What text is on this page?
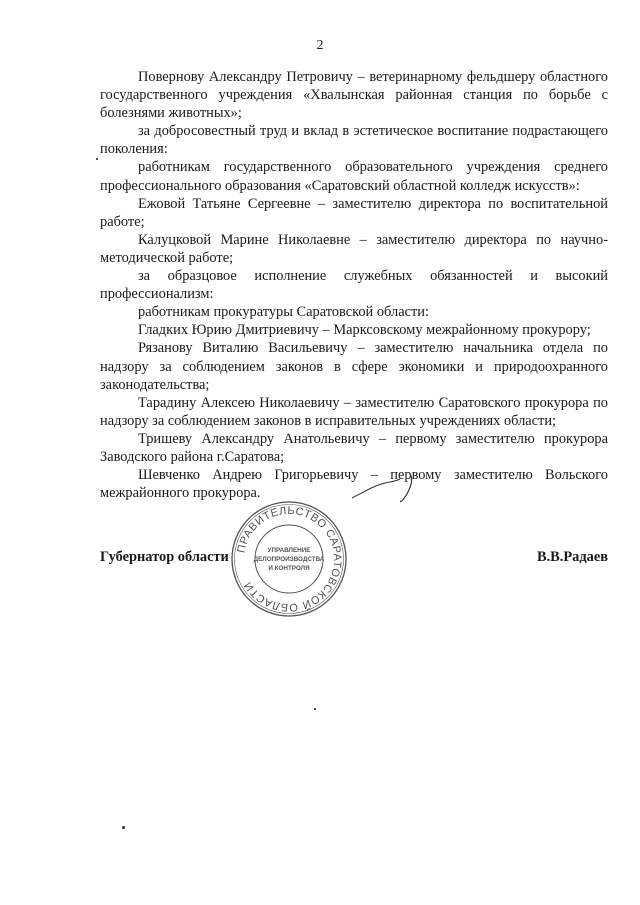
2

Повернову Александру Петровичу – ветеринарному фельдшеру областного государственного учреждения «Хвалынская районная станция по борьбе с болезнями животных»;

за добросовестный труд и вклад в эстетическое воспитание подрастающего поколения:

работникам государственного образовательного учреждения среднего профессионального образования «Саратовский областной колледж искусств»:

Ежовой Татьяне Сергеевне – заместителю директора по воспитательной работе;

Калуцковой Марине Николаевне – заместителю директора по научно-методической работе;

за образцовое исполнение служебных обязанностей и высокий профессионализм:

работникам прокуратуры Саратовской области:

Гладких Юрию Дмитриевичу – Марксовскому межрайонному прокурору;

Рязанову Виталию Васильевичу – заместителю начальника отдела по надзору за соблюдением законов в сфере экономики и природоохранного законодательства;

Тарадину Алексею Николаевичу – заместителю Саратовского прокурора по надзору за соблюдением законов в исправительных учреждениях области;

Тришеву Александру Анатольевичу – первому заместителю прокурора Заводского района г.Саратова;

Шевченко Андрею Григорьевичу – первому заместителю Вольского межрайонного прокурора.

ПРАВИТЕЛЬСТВО САРАТОВСКОЙ ОБЛАСТИ
УПРАВЛЕНИЕ
ДЕЛОПРОИЗВОДСТВА
И КОНТРОЛЯ
Губернатор области	В.В.Радаев
